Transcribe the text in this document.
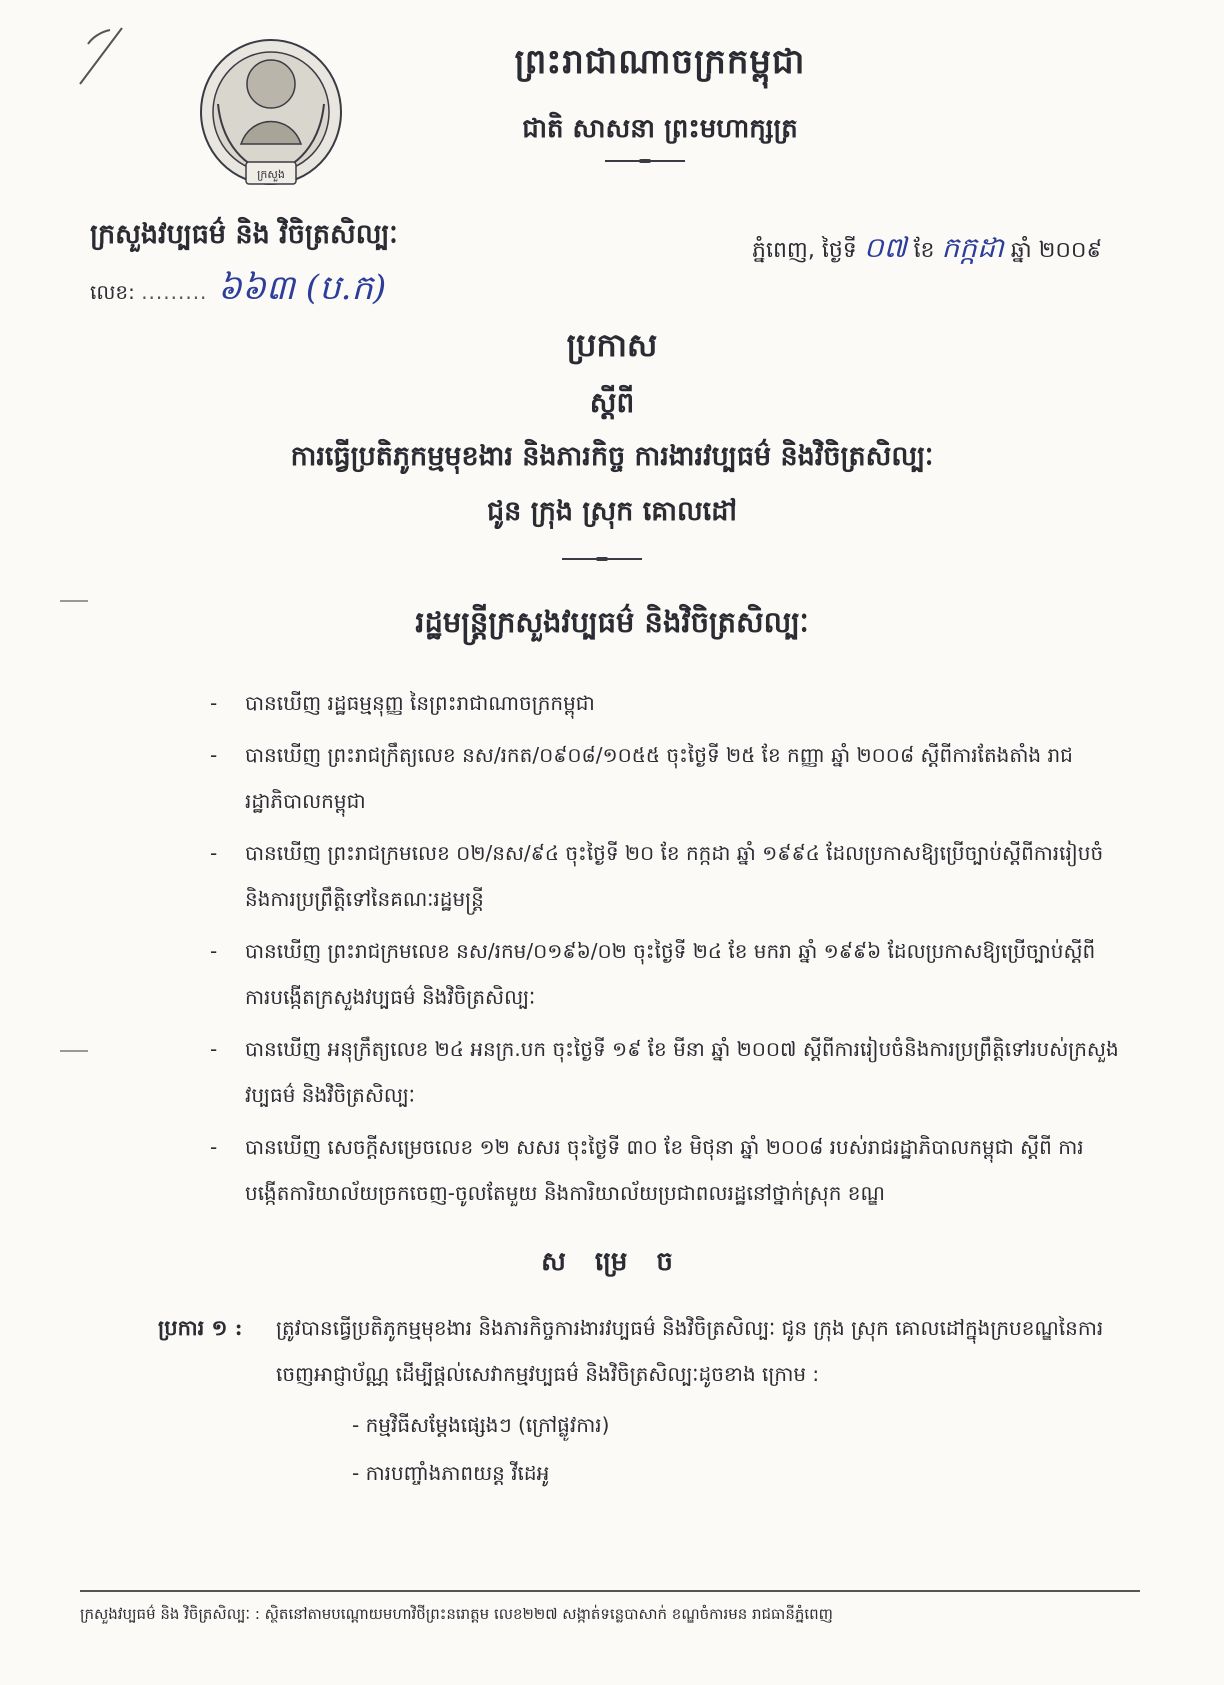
ក្រសួង
ព្រះរាជាណាចក្រកម្ពុជា
ជាតិ សាសនា ព្រះមហាក្សត្រ
ក្រសួងវប្បធម៌ និង វិចិត្រសិល្បៈ
លេខ: ......... ៦៦៣ (ប.ក)
ភ្នំពេញ, ថ្ងៃទី ០៧ ខែ កក្កដា ឆ្នាំ ២០០៩
ប្រកាស
ស្តីពី
ការធ្វើប្រតិភូកម្មមុខងារ និងភារកិច្ច ការងារវប្បធម៌ និងវិចិត្រសិល្បៈ
ជូន ក្រុង ស្រុក គោលដៅ
រដ្ឋមន្ត្រីក្រសួងវប្បធម៌ និងវិចិត្រសិល្បៈ
- បានឃើញ រដ្ឋធម្មនុញ្ញ នៃព្រះរាជាណាចក្រកម្ពុជា
- បានឃើញ ព្រះរាជក្រឹត្យលេខ នស/រកត/០៩០៨/១០៥៥ ចុះថ្ងៃទី ២៥ ខែ កញ្ញា ឆ្នាំ ២០០៨ ស្តីពីការតែងតាំង រាជរដ្ឋាភិបាលកម្ពុជា
- បានឃើញ ព្រះរាជក្រមលេខ ០២/នស/៩៤ ចុះថ្ងៃទី ២០ ខែ កក្កដា ឆ្នាំ ១៩៩៤ ដែលប្រកាសឱ្យប្រើច្បាប់ស្តីពីការរៀបចំ និងការប្រព្រឹត្តិទៅនៃគណៈរដ្ឋមន្ត្រី
- បានឃើញ ព្រះរាជក្រមលេខ នស/រកម/០១៩៦/០២ ចុះថ្ងៃទី ២៤ ខែ មករា ឆ្នាំ ១៩៩៦ ដែលប្រកាសឱ្យប្រើច្បាប់ស្តីពី ការបង្កើតក្រសួងវប្បធម៌ និងវិចិត្រសិល្បៈ
- បានឃើញ អនុក្រឹត្យលេខ ២៤ អនក្រ.បក ចុះថ្ងៃទី ១៩ ខែ មីនា ឆ្នាំ ២០០៧ ស្តីពីការរៀបចំនិងការប្រព្រឹត្តិទៅរបស់ក្រសួងវប្បធម៌ និងវិចិត្រសិល្បៈ
- បានឃើញ សេចក្តីសម្រេចលេខ ១២ សសរ ចុះថ្ងៃទី ៣០ ខែ មិថុនា ឆ្នាំ ២០០៨ របស់រាជរដ្ឋាភិបាលកម្ពុជា ស្តីពី ការបង្កើតការិយាល័យច្រកចេញ-ចូលតែមួយ និងការិយាល័យប្រជាពលរដ្ឋនៅថ្នាក់ស្រុក ខណ្ឌ
ស ម្រេ ច
ប្រការ ១ : ត្រូវបានធ្វើប្រតិភូកម្មមុខងារ និងភារកិច្ចការងារវប្បធម៌ និងវិចិត្រសិល្បៈ ជូន ក្រុង ស្រុក គោលដៅក្នុងក្របខណ្ឌនៃការចេញអាជ្ញាប័ណ្ណ ដើម្បីផ្តល់សេវាកម្មវប្បធម៌ និងវិចិត្រសិល្បៈដូចខាង ក្រោម :
- កម្មវិធីសម្តែងផ្សេងៗ (ក្រៅផ្លូវការ)
- ការបញ្ចាំងភាពយន្ត វីដេអូ
ក្រសួងវប្បធម៌ និង វិចិត្រសិល្បៈ : ស្ថិតនៅតាមបណ្តោយមហាវិថីព្រះនរោត្តម លេខ២២៧ សង្កាត់ទន្លេបាសាក់ ខណ្ឌចំការមន រាជធានីភ្នំពេញ
